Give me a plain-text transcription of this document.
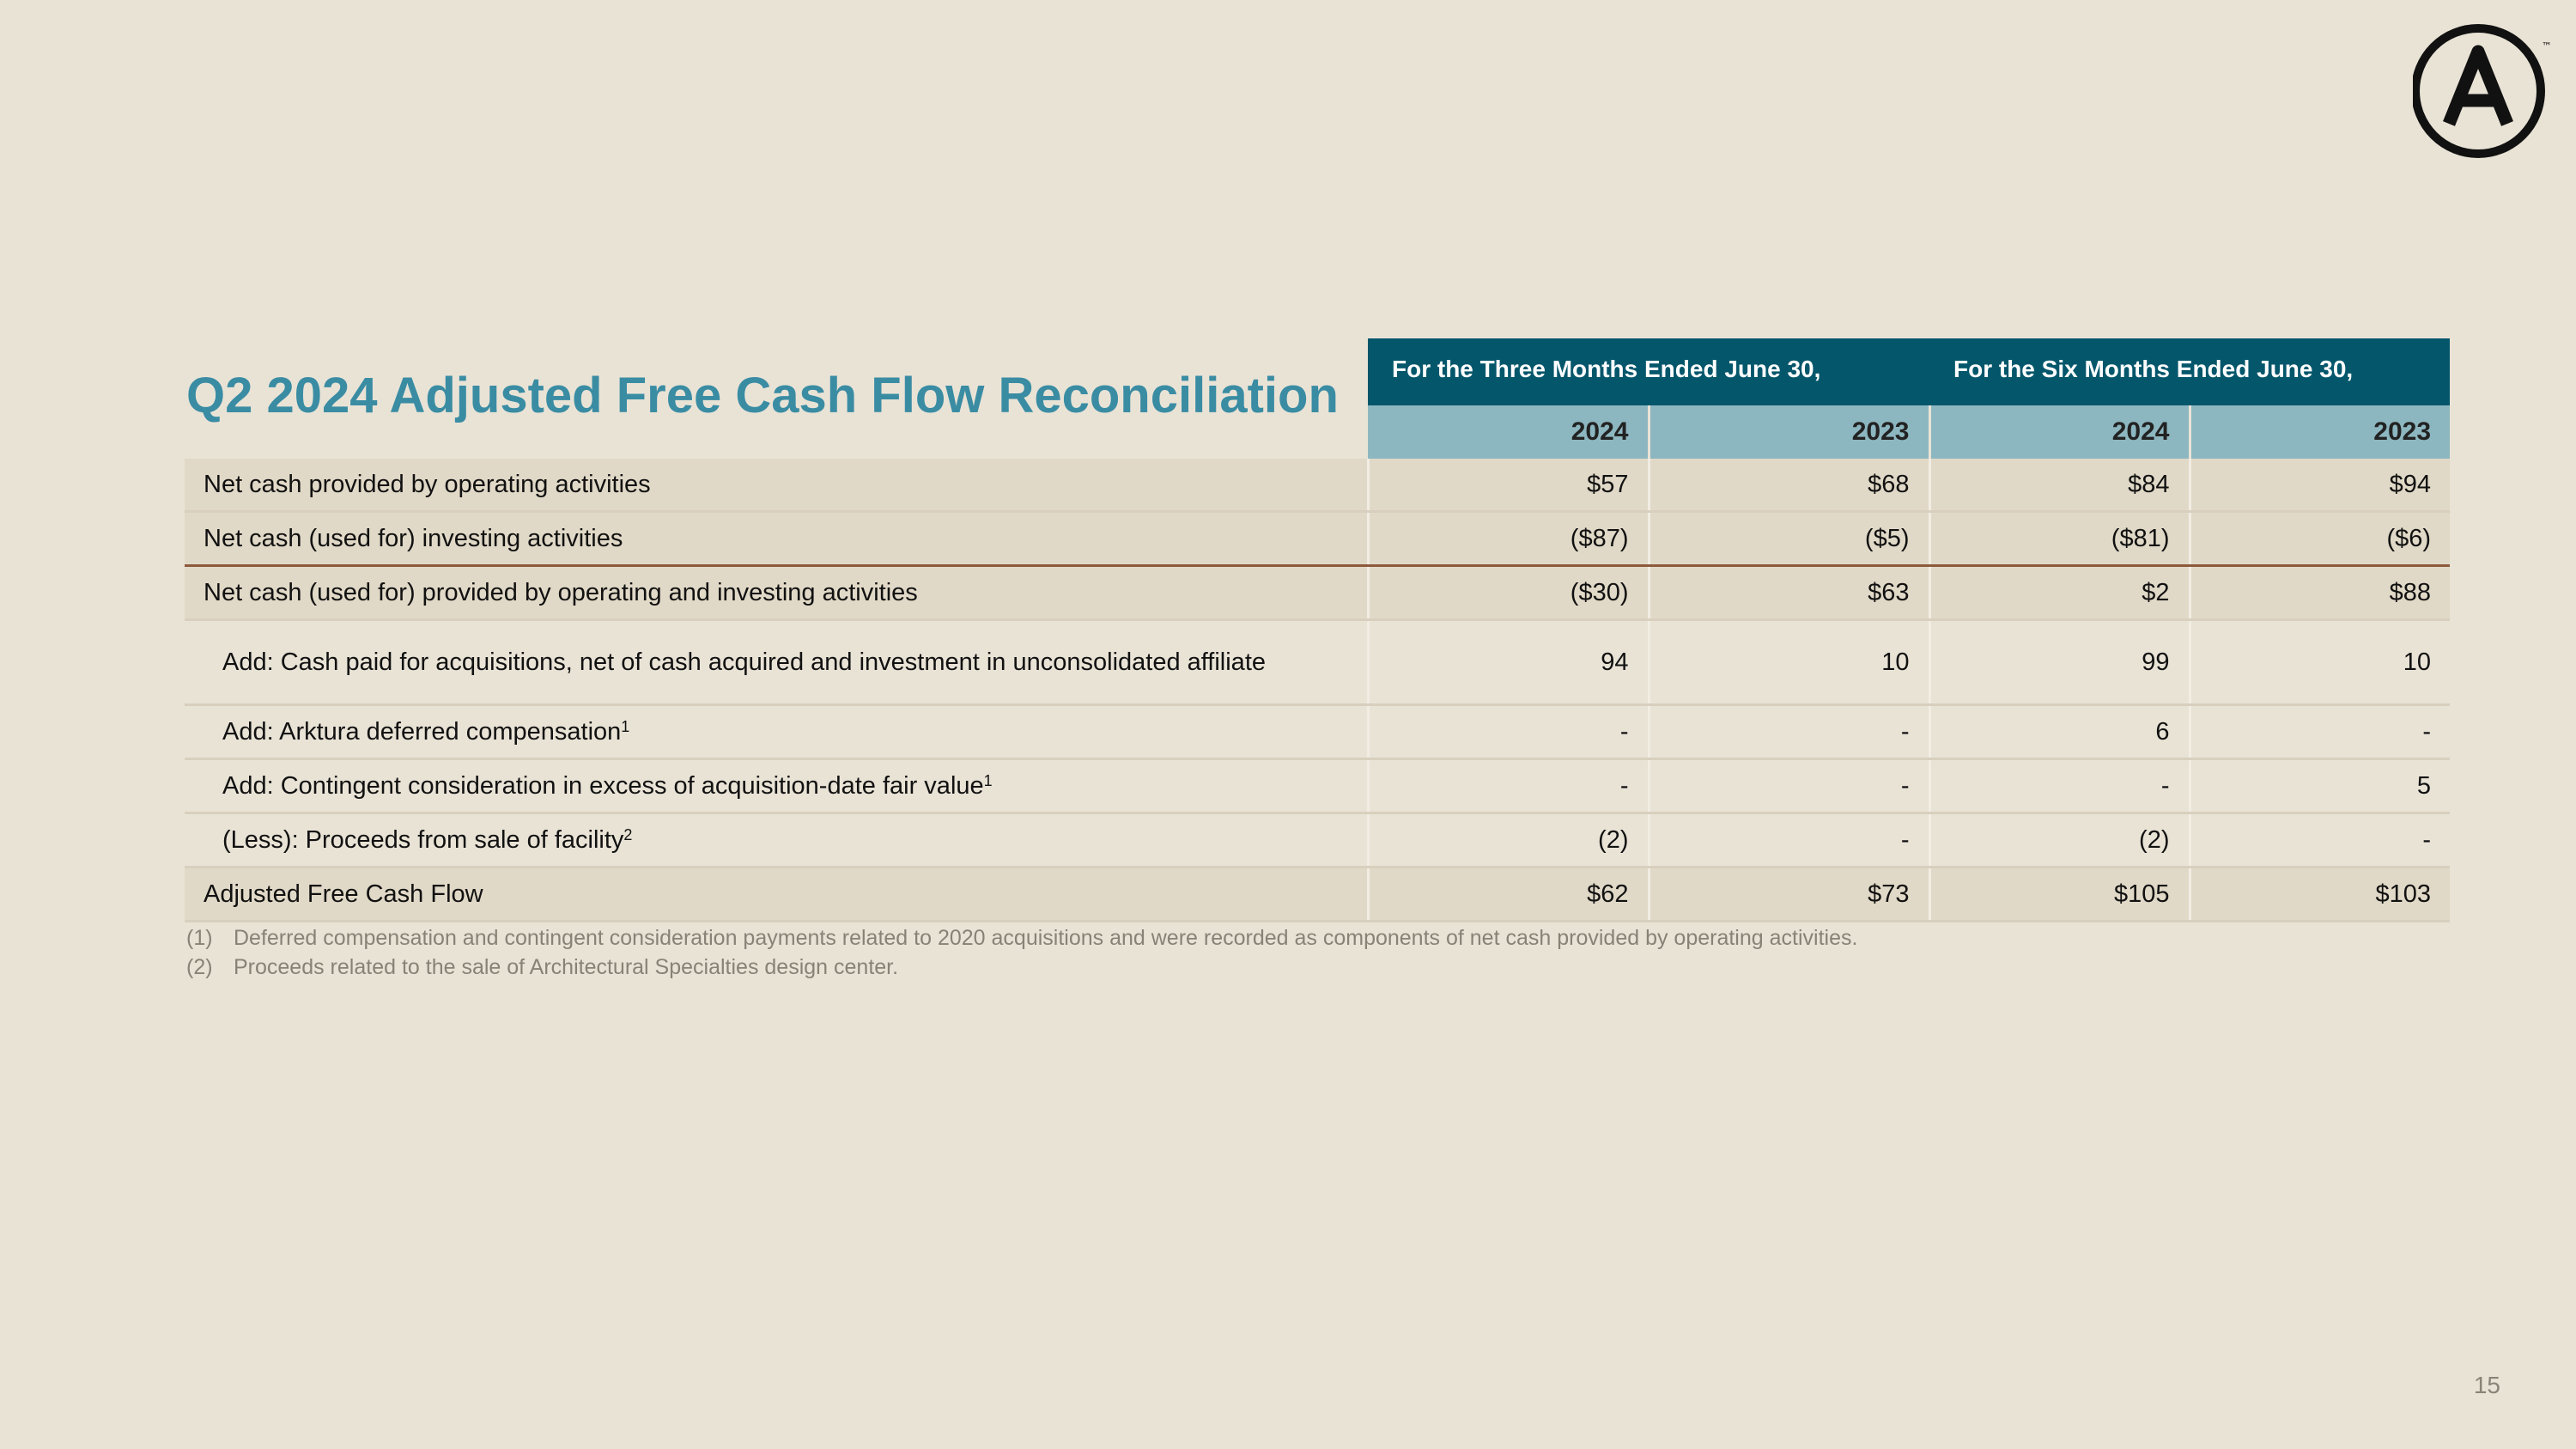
™
Q2 2024 Adjusted Free Cash Flow Reconciliation
		For the Three Months Ended June 30,		For the Six Months Ended June 30,	
	2024	2023	2024	2023
Net cash provided by operating activities	$57	$68	$84	$94
Net cash (used for) investing activities	($87)	($5)	($81)	($6)
Net cash (used for) provided by operating and investing activities	($30)	$63	$2	$88
Add: Cash paid for acquisitions, net of cash acquired and investment in unconsolidated affiliate	94	10	99	10
Add: Arktura deferred compensation$^1$	-	-	6	-
Add: Contingent consideration in excess of acquisition-date fair value$^1$	-	-	-	5
(Less): Proceeds from sale of facility$^2$	(2)	-	(2)	-
Adjusted Free Cash Flow	$62	$73	$105	$103
(1) Deferred compensation and contingent consideration payments related to 2020 acquisitions and were recorded as components of net cash provided by operating activities.
(2) Proceeds related to the sale of Architectural Specialties design center.
15
